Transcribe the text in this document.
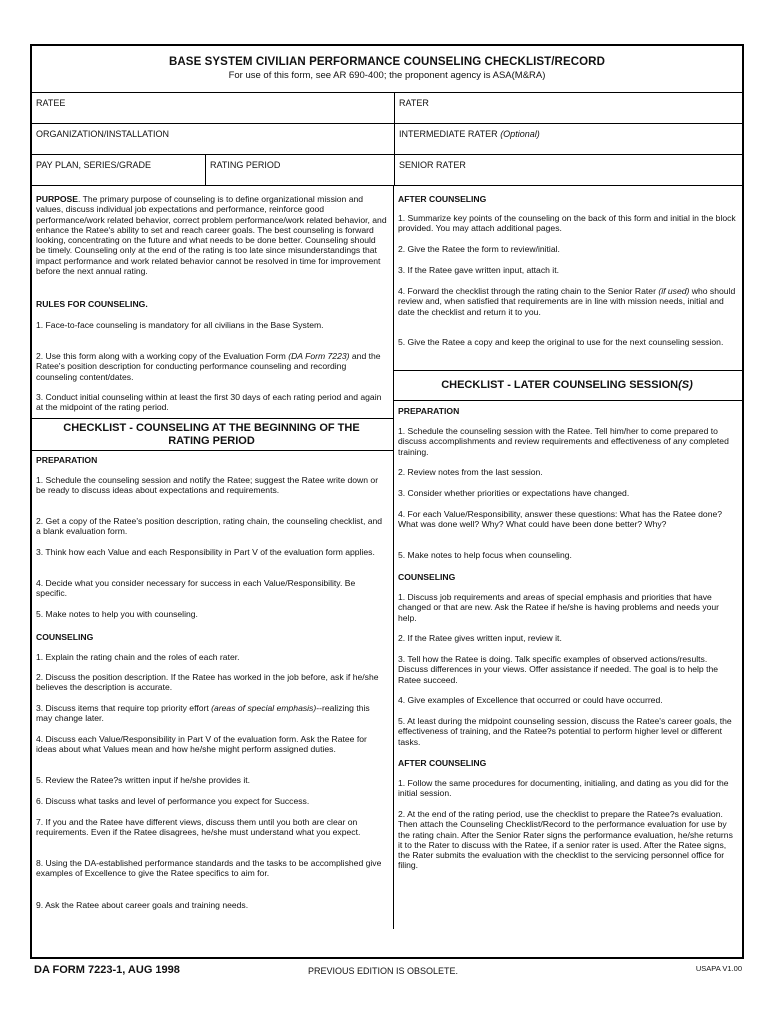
BASE SYSTEM CIVILIAN PERFORMANCE COUNSELING CHECKLIST/RECORD
For use of this form, see AR 690-400; the proponent agency is ASA(M&RA)
RATEE	RATER
ORGANIZATION/INSTALLATION	INTERMEDIATE RATER (Optional)
PAY PLAN, SERIES/GRADE	RATING PERIOD	SENIOR RATER

PURPOSE. The primary purpose of counseling is to define organizational mission and values, discuss individual job expectations and performance, reinforce good performance/work related behavior, correct problem performance/work related behavior, and enhance the Ratee's ability to set and reach career goals. The best counseling is forward looking, concentrating on the future and what needs to be done better. Counseling should be timely. Counseling only at the end of the rating is too late since misunderstandings that impact performance and work related behavior cannot be resolved in time for improvement before the next annual rating.

RULES FOR COUNSELING.

1. Face-to-face counseling is mandatory for all civilians in the Base System.

2. Use this form along with a working copy of the Evaluation Form (DA Form 7223) and the Ratee's position description for conducting performance counseling and recording counseling content/dates.

3. Conduct initial counseling within at least the first 30 days of each rating period and again at the midpoint of the rating period.

CHECKLIST - COUNSELING AT THE BEGINNING OF THE
RATING PERIOD
PREPARATION

1. Schedule the counseling session and notify the Ratee; suggest the Ratee write down or be ready to discuss ideas about expectations and requirements.

2. Get a copy of the Ratee's position description, rating chain, the counseling checklist, and a blank evaluation form.

3. Think how each Value and each Responsibility in Part V of the evaluation form applies.

4. Decide what you consider necessary for success in each Value/Responsibility. Be specific.

5. Make notes to help you with counseling.

COUNSELING

1. Explain the rating chain and the roles of each rater.

2. Discuss the position description. If the Ratee has worked in the job before, ask if he/she believes the description is accurate.

3. Discuss items that require top priority effort (areas of special emphasis)--realizing this may change later.

4. Discuss each Value/Responsibility in Part V of the evaluation form. Ask the Ratee for ideas about what Values mean and how he/she might perform assigned duties.

5. Review the Ratee?s written input if he/she provides it.

6. Discuss what tasks and level of performance you expect for Success.

7. If you and the Ratee have different views, discuss them until you both are clear on requirements. Even if the Ratee disagrees, he/she must understand what you expect.

8. Using the DA-established performance standards and the tasks to be accomplished give examples of Excellence to give the Ratee specifics to aim for.

9. Ask the Ratee about career goals and training needs.

AFTER COUNSELING

1. Summarize key points of the counseling on the back of this form and initial in the block provided. You may attach additional pages.

2. Give the Ratee the form to review/initial.

3. If the Ratee gave written input, attach it.

4. Forward the checklist through the rating chain to the Senior Rater (if used) who should review and, when satisfied that requirements are in line with mission needs, initial and date the checklist and return it to you.

5. Give the Ratee a copy and keep the original to use for the next counseling session.

CHECKLIST - LATER COUNSELING SESSION(S)
PREPARATION

1. Schedule the counseling session with the Ratee. Tell him/her to come prepared to discuss accomplishments and review requirements and effectiveness of any completed training.

2. Review notes from the last session.

3. Consider whether priorities or expectations have changed.

4. For each Value/Responsibility, answer these questions: What has the Ratee done? What was done well? Why? What could have been done better? Why?

5. Make notes to help focus when counseling.

COUNSELING

1. Discuss job requirements and areas of special emphasis and priorities that have changed or that are new. Ask the Ratee if he/she is having problems and needs your help.

2. If the Ratee gives written input, review it.

3. Tell how the Ratee is doing. Talk specific examples of observed actions/results. Discuss differences in your views. Offer assistance if needed. The goal is to help the Ratee succeed.

4. Give examples of Excellence that occurred or could have occurred.

5. At least during the midpoint counseling session, discuss the Ratee's career goals, the effectiveness of training, and the Ratee?s potential to perform higher level or different tasks.

AFTER COUNSELING

1. Follow the same procedures for documenting, initialing, and dating as you did for the initial session.

2. At the end of the rating period, use the checklist to prepare the Ratee?s evaluation. Then attach the Counseling Checklist/Record to the performance evaluation for use by the rating chain. After the Senior Rater signs the performance evaluation, he/she returns it to the Rater to discuss with the Ratee, if a senior rater is used. After the Ratee signs, the Rater submits the evaluation with the checklist to the servicing personnel office for filing.

DA FORM 7223-1, AUG 1998	PREVIOUS EDITION IS OBSOLETE.	USAPA V1.00
